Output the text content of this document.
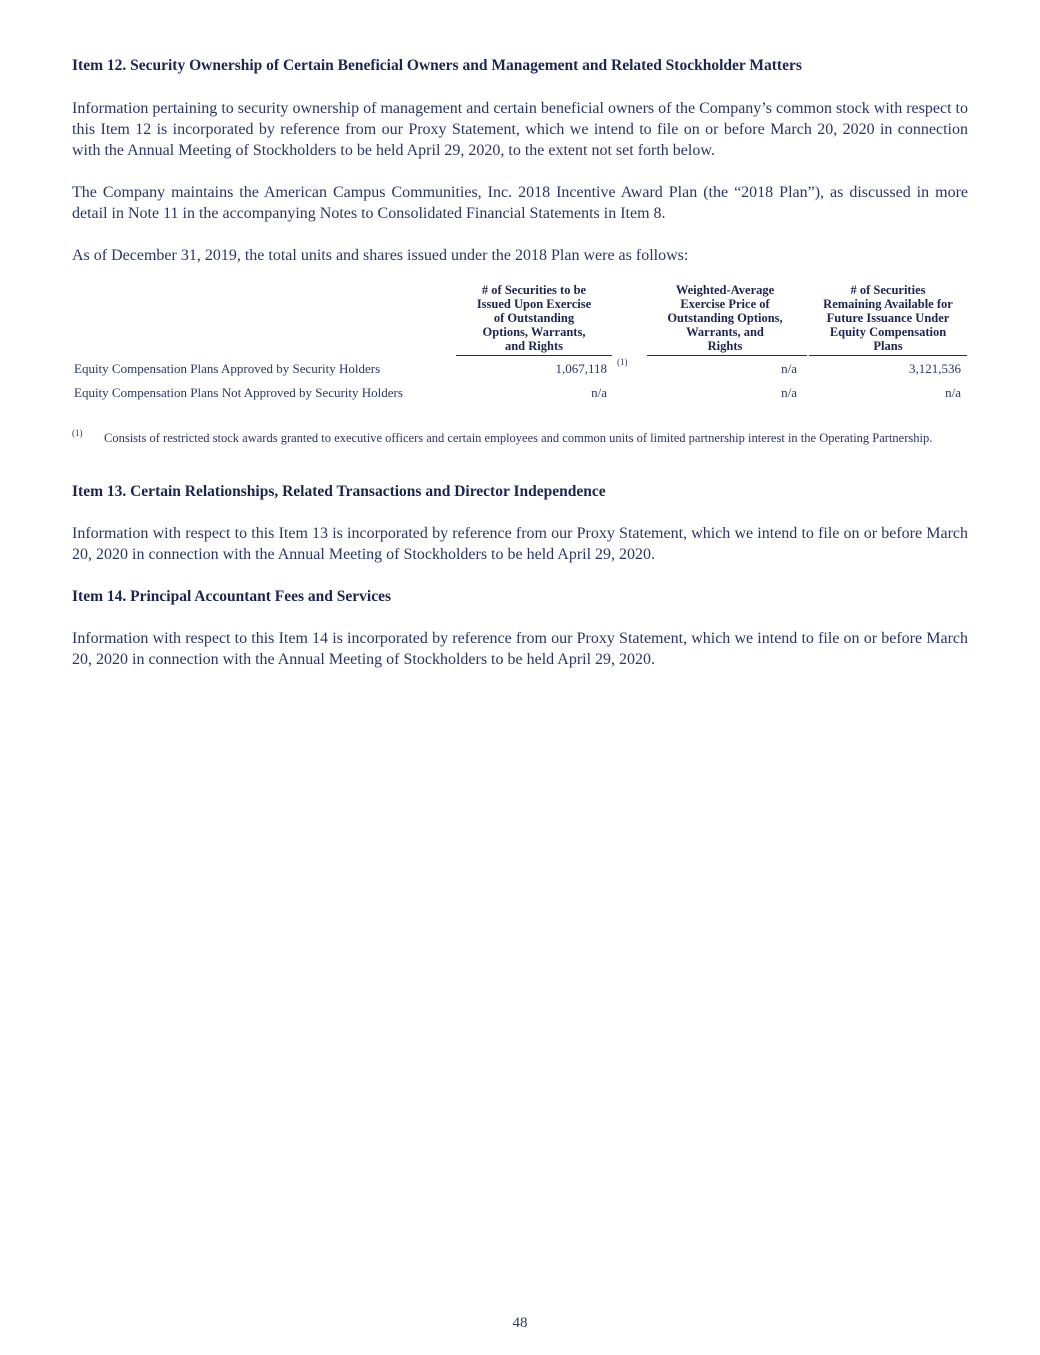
Item 12. Security Ownership of Certain Beneficial Owners and Management and Related Stockholder Matters
Information pertaining to security ownership of management and certain beneficial owners of the Company’s common stock with respect to this Item 12 is incorporated by reference from our Proxy Statement, which we intend to file on or before March 20, 2020 in connection with the Annual Meeting of Stockholders to be held April 29, 2020, to the extent not set forth below.
The Company maintains the American Campus Communities, Inc. 2018 Incentive Award Plan (the “2018 Plan”), as discussed in more detail in Note 11 in the accompanying Notes to Consolidated Financial Statements in Item 8.
As of December 31, 2019, the total units and shares issued under the 2018 Plan were as follows:
# of Securities to be
Issued Upon Exercise
of Outstanding
Options, Warrants,
and Rights
Weighted-Average
Exercise Price of
Outstanding Options,
Warrants, and
Rights
# of Securities
Remaining Available for
Future Issuance Under
Equity Compensation
Plans
Equity Compensation Plans Approved by Security Holders	1,067,118 (1)	n/a	3,121,536
Equity Compensation Plans Not Approved by Security Holders	n/a	n/a	n/a
(1) Consists of restricted stock awards granted to executive officers and certain employees and common units of limited partnership interest in the Operating Partnership.
Item 13. Certain Relationships, Related Transactions and Director Independence
Information with respect to this Item 13 is incorporated by reference from our Proxy Statement, which we intend to file on or before March 20, 2020 in connection with the Annual Meeting of Stockholders to be held April 29, 2020.
Item 14. Principal Accountant Fees and Services
Information with respect to this Item 14 is incorporated by reference from our Proxy Statement, which we intend to file on or before March 20, 2020 in connection with the Annual Meeting of Stockholders to be held April 29, 2020.
48
